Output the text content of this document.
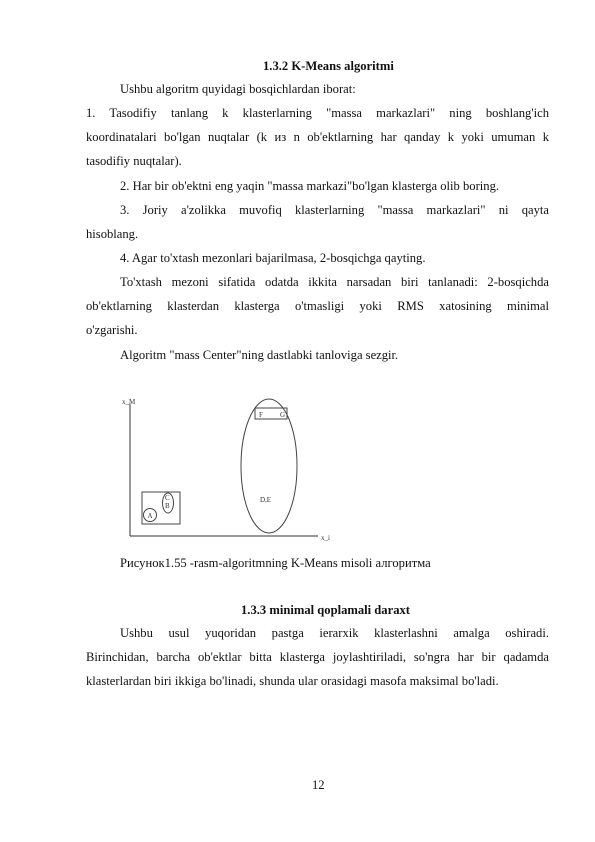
1.3.2 K-Means algoritmi
Ushbu algoritm quyidagi bosqichlardan iborat:
1. Tasodifiy tanlang k klasterlarning "massa markazlari" ning boshlang'ich
koordinatalari bo'lgan nuqtalar (k из n ob'ektlarning har qanday k yoki umuman k
tasodifiy nuqtalar).
2. Har bir ob'ektni eng yaqin "massa markazi"bo'lgan klasterga olib boring.
3. Joriy a'zolikka muvofiq klasterlarning "massa markazlari" ni qayta
hisoblang.
4. Agar to'xtash mezonlari bajarilmasa, 2-bosqichga qayting.
To'xtash mezoni sifatida odatda ikkita narsadan biri tanlanadi: 2-bosqichda
ob'ektlarning klasterdan klasterga o'tmasligi yoki RMS xatosining minimal
o'zgarishi.
Algoritm "mass Center"ning dastlabki tanloviga sezgir.
x_M
x_i
A
B
C
F G
D,E
Рисунок1.55 -rasm-algoritmning K-Means misoli алгоритма
1.3.3 minimal qoplamali daraxt
Ushbu usul yuqoridan pastga ierarxik klasterlashni amalga oshiradi.
Birinchidan, barcha ob'ektlar bitta klasterga joylashtiriladi, so'ngra har bir qadamda
klasterlardan biri ikkiga bo'linadi, shunda ular orasidagi masofa maksimal bo'ladi.
12
